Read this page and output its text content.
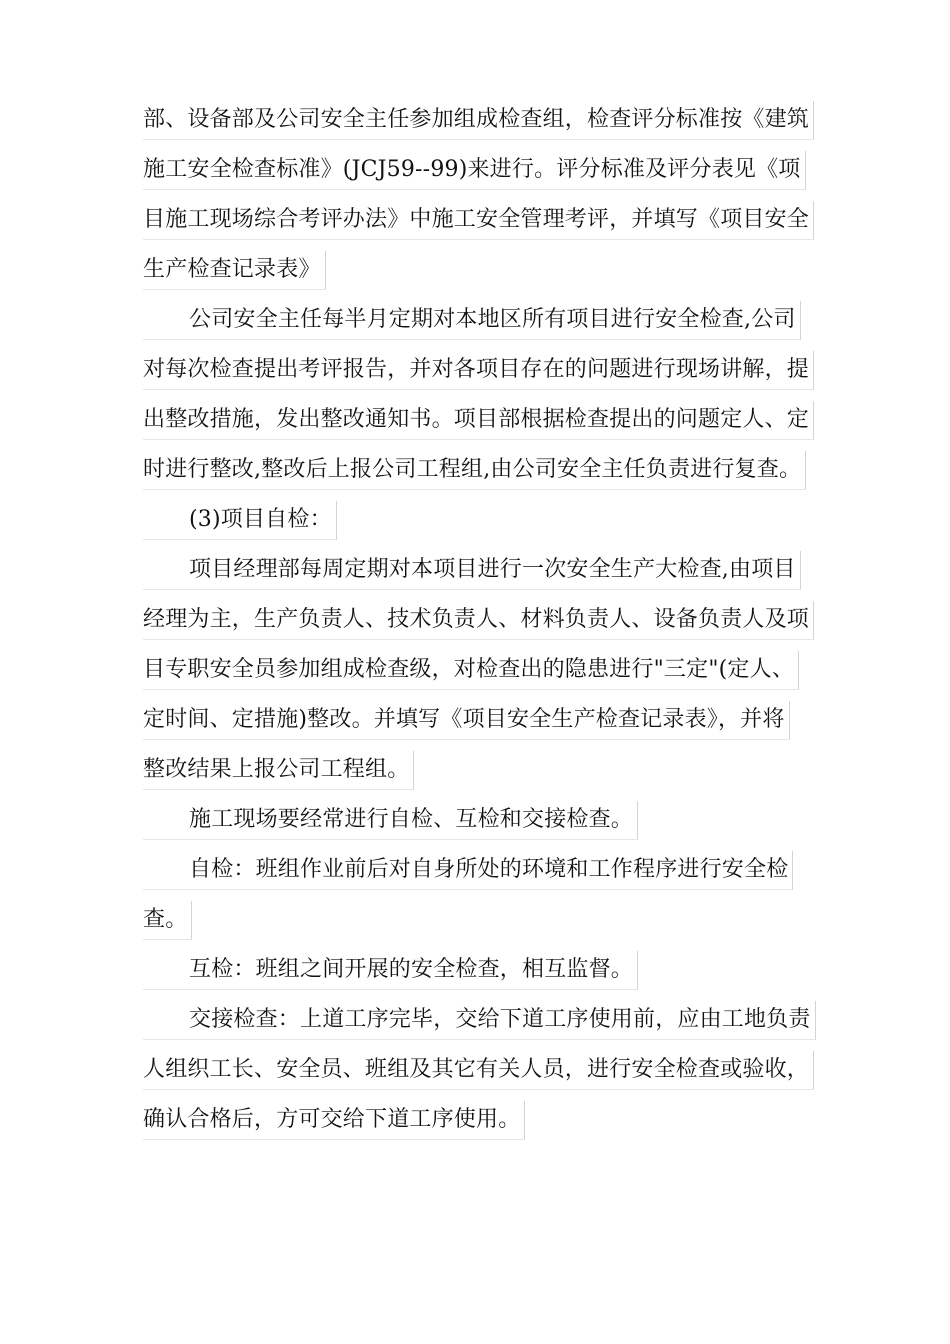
部、设备部及公司安全主任参加组成检查组，检查评分标准按《建筑
施工安全检查标准》(JCJ59--99)来进行。评分标准及评分表见《项
目施工现场综合考评办法》中施工安全管理考评，并填写《项目安全
生产检查记录表》
公司安全主任每半月定期对本地区所有项目进行安全检查,公司
对每次检查提出考评报告，并对各项目存在的问题进行现场讲解，提
出整改措施，发出整改通知书。项目部根据检查提出的问题定人、定
时进行整改,整改后上报公司工程组,由公司安全主任负责进行复查。
(3)项目自检：
项目经理部每周定期对本项目进行一次安全生产大检查,由项目
经理为主，生产负责人、技术负责人、材料负责人、设备负责人及项
目专职安全员参加组成检查级，对检查出的隐患进行"三定"(定人、
定时间、定措施)整改。并填写《项目安全生产检查记录表》，并将
整改结果上报公司工程组。
施工现场要经常进行自检、互检和交接检查。
自检：班组作业前后对自身所处的环境和工作程序进行安全检
查。
互检：班组之间开展的安全检查，相互监督。
交接检查：上道工序完毕，交给下道工序使用前，应由工地负责
人组织工长、安全员、班组及其它有关人员，进行安全检查或验收，
确认合格后，方可交给下道工序使用。
